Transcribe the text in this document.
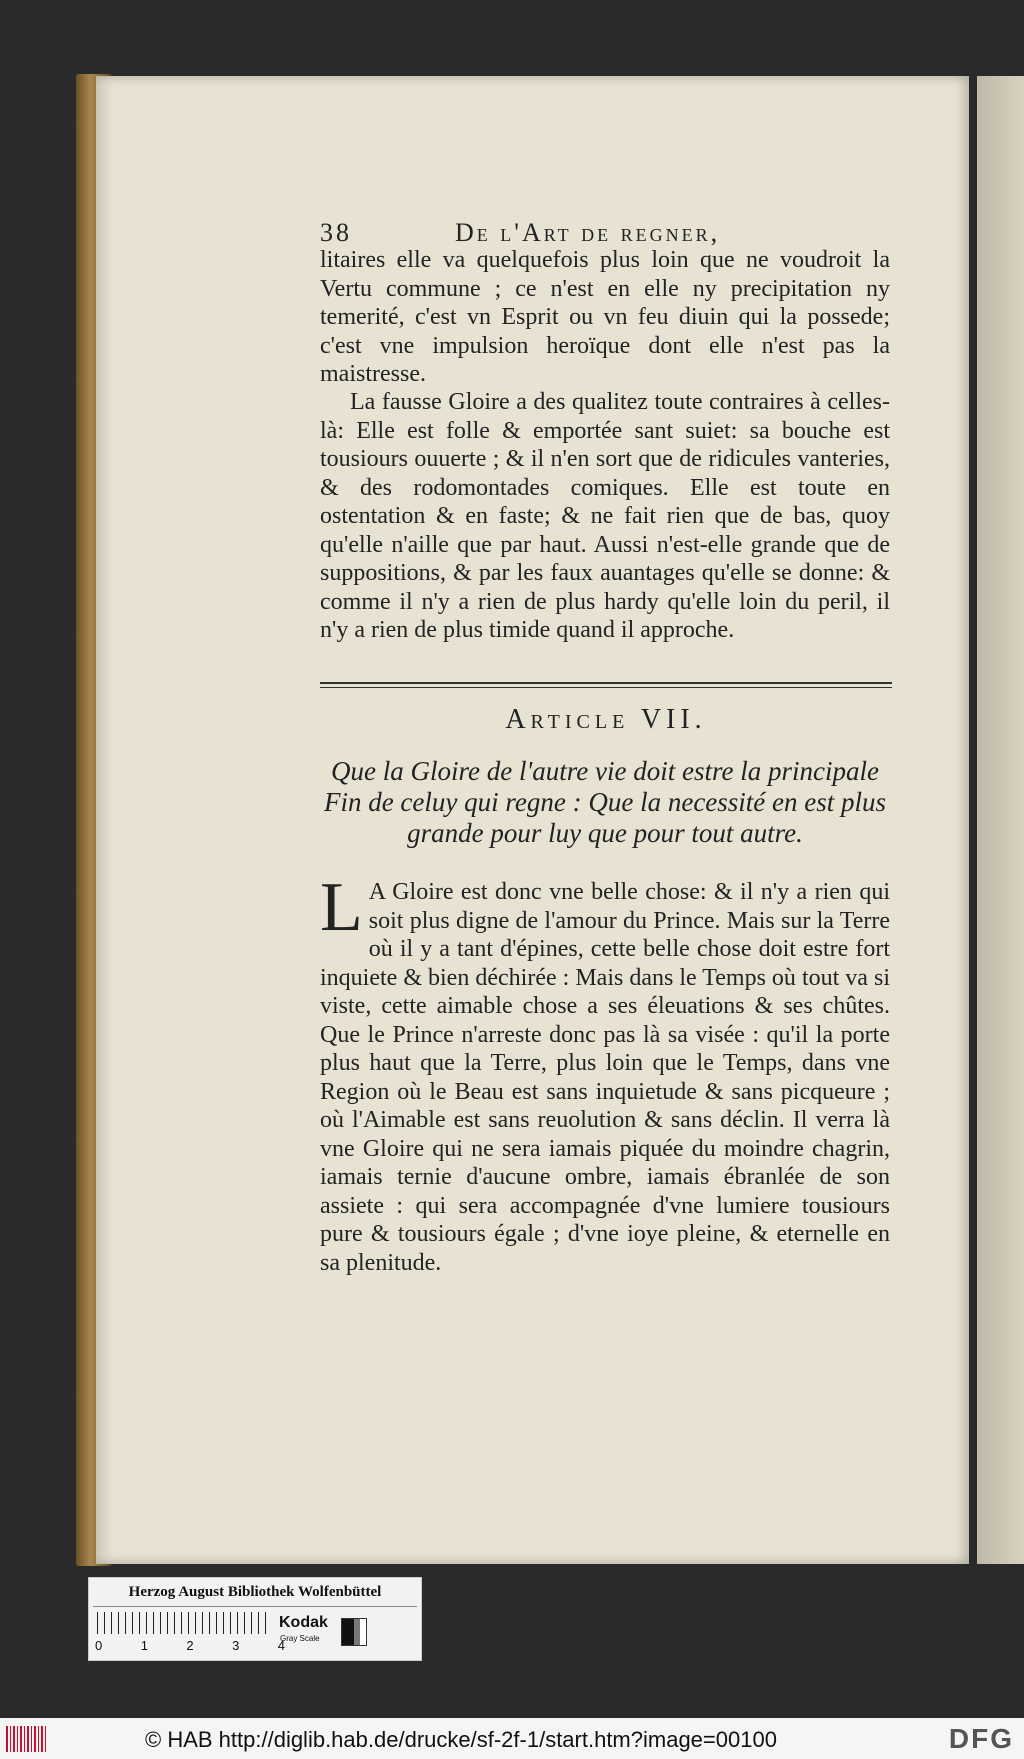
38	De l'Art de regner,

litaires elle va quelquefois plus loin que ne voudroit la Vertu commune ; ce n'est en elle ny precipitation ny temerité, c'est vn Esprit ou vn feu diuin qui la possede; c'est vne impulsion heroïque dont elle n'est pas la maistresse.

La fausse Gloire a des qualitez toute contraires à celles-là: Elle est folle & emportée sant suiet: sa bouche est tousiours ouuerte ; & il n'en sort que de ridicules vanteries, & des rodomontades comiques. Elle est toute en ostentation & en faste; & ne fait rien que de bas, quoy qu'elle n'aille que par haut. Aussi n'est-elle grande que de suppositions, & par les faux auantages qu'elle se donne: & comme il n'y a rien de plus hardy qu'elle loin du peril, il n'y a rien de plus timide quand il approche.

Article VII.
Que la Gloire de l'autre vie doit estre la principale Fin de celuy qui regne : Que la necessité en est plus grande pour luy que pour tout autre.

L A Gloire est donc vne belle chose: & il n'y a rien qui soit plus digne de l'amour du Prince. Mais sur la Terre où il y a tant d'épines, cette belle chose doit estre fort inquiete & bien déchirée : Mais dans le Temps où tout va si viste, cette aimable chose a ses éleuations & ses chûtes. Que le Prince n'arreste donc pas là sa visée : qu'il la porte plus haut que la Terre, plus loin que le Temps, dans vne Region où le Beau est sans inquietude & sans picqueure ; où l'Aimable est sans reuolution & sans déclin. Il verra là vne Gloire qui ne sera iamais piquée du moindre chagrin, iamais ternie d'aucune ombre, iamais ébranlée de son assiete : qui sera accompagnée d'vne lumiere tousiours pure & tousiours égale ; d'vne ioye pleine, & eternelle en sa plenitude.

Herzog August Bibliothek Wolfenbüttel
0	1	2	3	4
Kodak
Gray Scale
© HAB http://diglib.hab.de/drucke/sf-2f-1/start.htm?image=00100	DFG
